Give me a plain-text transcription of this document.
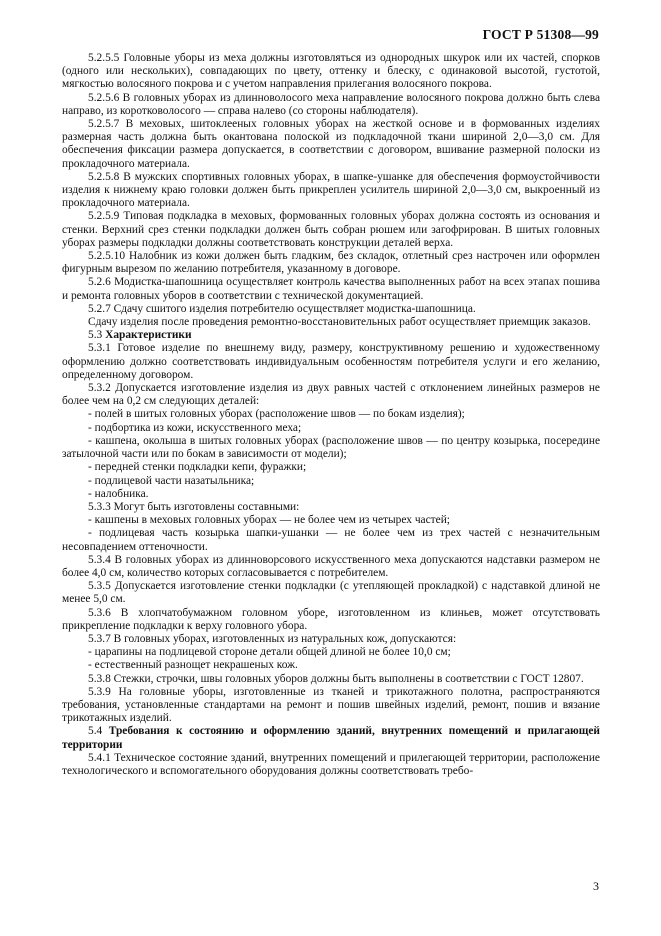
ГОСТ Р 51308—99

5.2.5.5 Головные уборы из меха должны изготовляться из однородных шкурок или их частей, спорков (одного или нескольких), совпадающих по цвету, оттенку и блеску, с одинаковой высотой, густотой, мягкостью волосяного покрова и с учетом направления прилегания волосяного покрова.

5.2.5.6 В головных уборах из длинноволосого меха направление волосяного покрова должно быть слева направо, из коротковолосого — справа налево (со стороны наблюдателя).

5.2.5.7 В меховых, шитоклееных головных уборах на жесткой основе и в формованных изделиях размерная часть должна быть окантована полоской из подкладочной ткани шириной 2,0—3,0 см. Для обеспечения фиксации размера допускается, в соответствии с договором, вшивание размерной полоски из прокладочного материала.

5.2.5.8 В мужских спортивных головных уборах, в шапке-ушанке для обеспечения формоустойчивости изделия к нижнему краю головки должен быть прикреплен усилитель шириной 2,0—3,0 см, выкроенный из прокладочного материала.

5.2.5.9 Типовая подкладка в меховых, формованных головных уборах должна состоять из основания и стенки. Верхний срез стенки подкладки должен быть собран рюшем или загофрирован. В шитых головных уборах размеры подкладки должны соответствовать конструкции деталей верха.

5.2.5.10 Налобник из кожи должен быть гладким, без складок, отлетный срез настрочен или оформлен фигурным вырезом по желанию потребителя, указанному в договоре.

5.2.6 Модистка-шапошница осуществляет контроль качества выполненных работ на всех этапах пошива и ремонта головных уборов в соответствии с технической документацией.

5.2.7 Сдачу сшитого изделия потребителю осуществляет модистка-шапошница.

Сдачу изделия после проведения ремонтно-восстановительных работ осуществляет приемщик заказов.

5.3 Характеристики

5.3.1 Готовое изделие по внешнему виду, размеру, конструктивному решению и художественному оформлению должно соответствовать индивидуальным особенностям потребителя услуги и его желанию, определенному договором.

5.3.2 Допускается изготовление изделия из двух равных частей с отклонением линейных размеров не более чем на 0,2 см следующих деталей:

- полей в шитых головных уборах (расположение швов — по бокам изделия);

- подбортика из кожи, искусственного меха;

- кашпена, околыша в шитых головных уборах (расположение швов — по центру козырька, посередине затылочной части или по бокам в зависимости от модели);

- передней стенки подкладки кепи, фуражки;

- подлицевой части назатыльника;

- налобника.

5.3.3 Могут быть изготовлены составными:

- кашпены в меховых головных уборах — не более чем из четырех частей;

- подлицевая часть козырька шапки-ушанки — не более чем из трех частей с незначительным несовпадением оттеночности.

5.3.4 В головных уборах из длинноворсового искусственного меха допускаются надставки размером не более 4,0 см, количество которых согласовывается с потребителем.

5.3.5 Допускается изготовление стенки подкладки (с утепляющей прокладкой) с надставкой длиной не менее 5,0 см.

5.3.6 В хлопчатобумажном головном уборе, изготовленном из клиньев, может отсутствовать прикрепление подкладки к верху головного убора.

5.3.7 В головных уборах, изготовленных из натуральных кож, допускаются:

- царапины на подлицевой стороне детали общей длиной не более 10,0 см;

- естественный разнощет некрашеных кож.

5.3.8 Стежки, строчки, швы головных уборов должны быть выполнены в соответствии с ГОСТ 12807.

5.3.9 На головные уборы, изготовленные из тканей и трикотажного полотна, распространяются требования, установленные стандартами на ремонт и пошив швейных изделий, ремонт, пошив и вязание трикотажных изделий.

5.4 Требования к состоянию и оформлению зданий, внутренних помещений и прилагающей территории

5.4.1 Техническое состояние зданий, внутренних помещений и прилегающей территории, расположение технологического и вспомогательного оборудования должны соответствовать требо-

3
